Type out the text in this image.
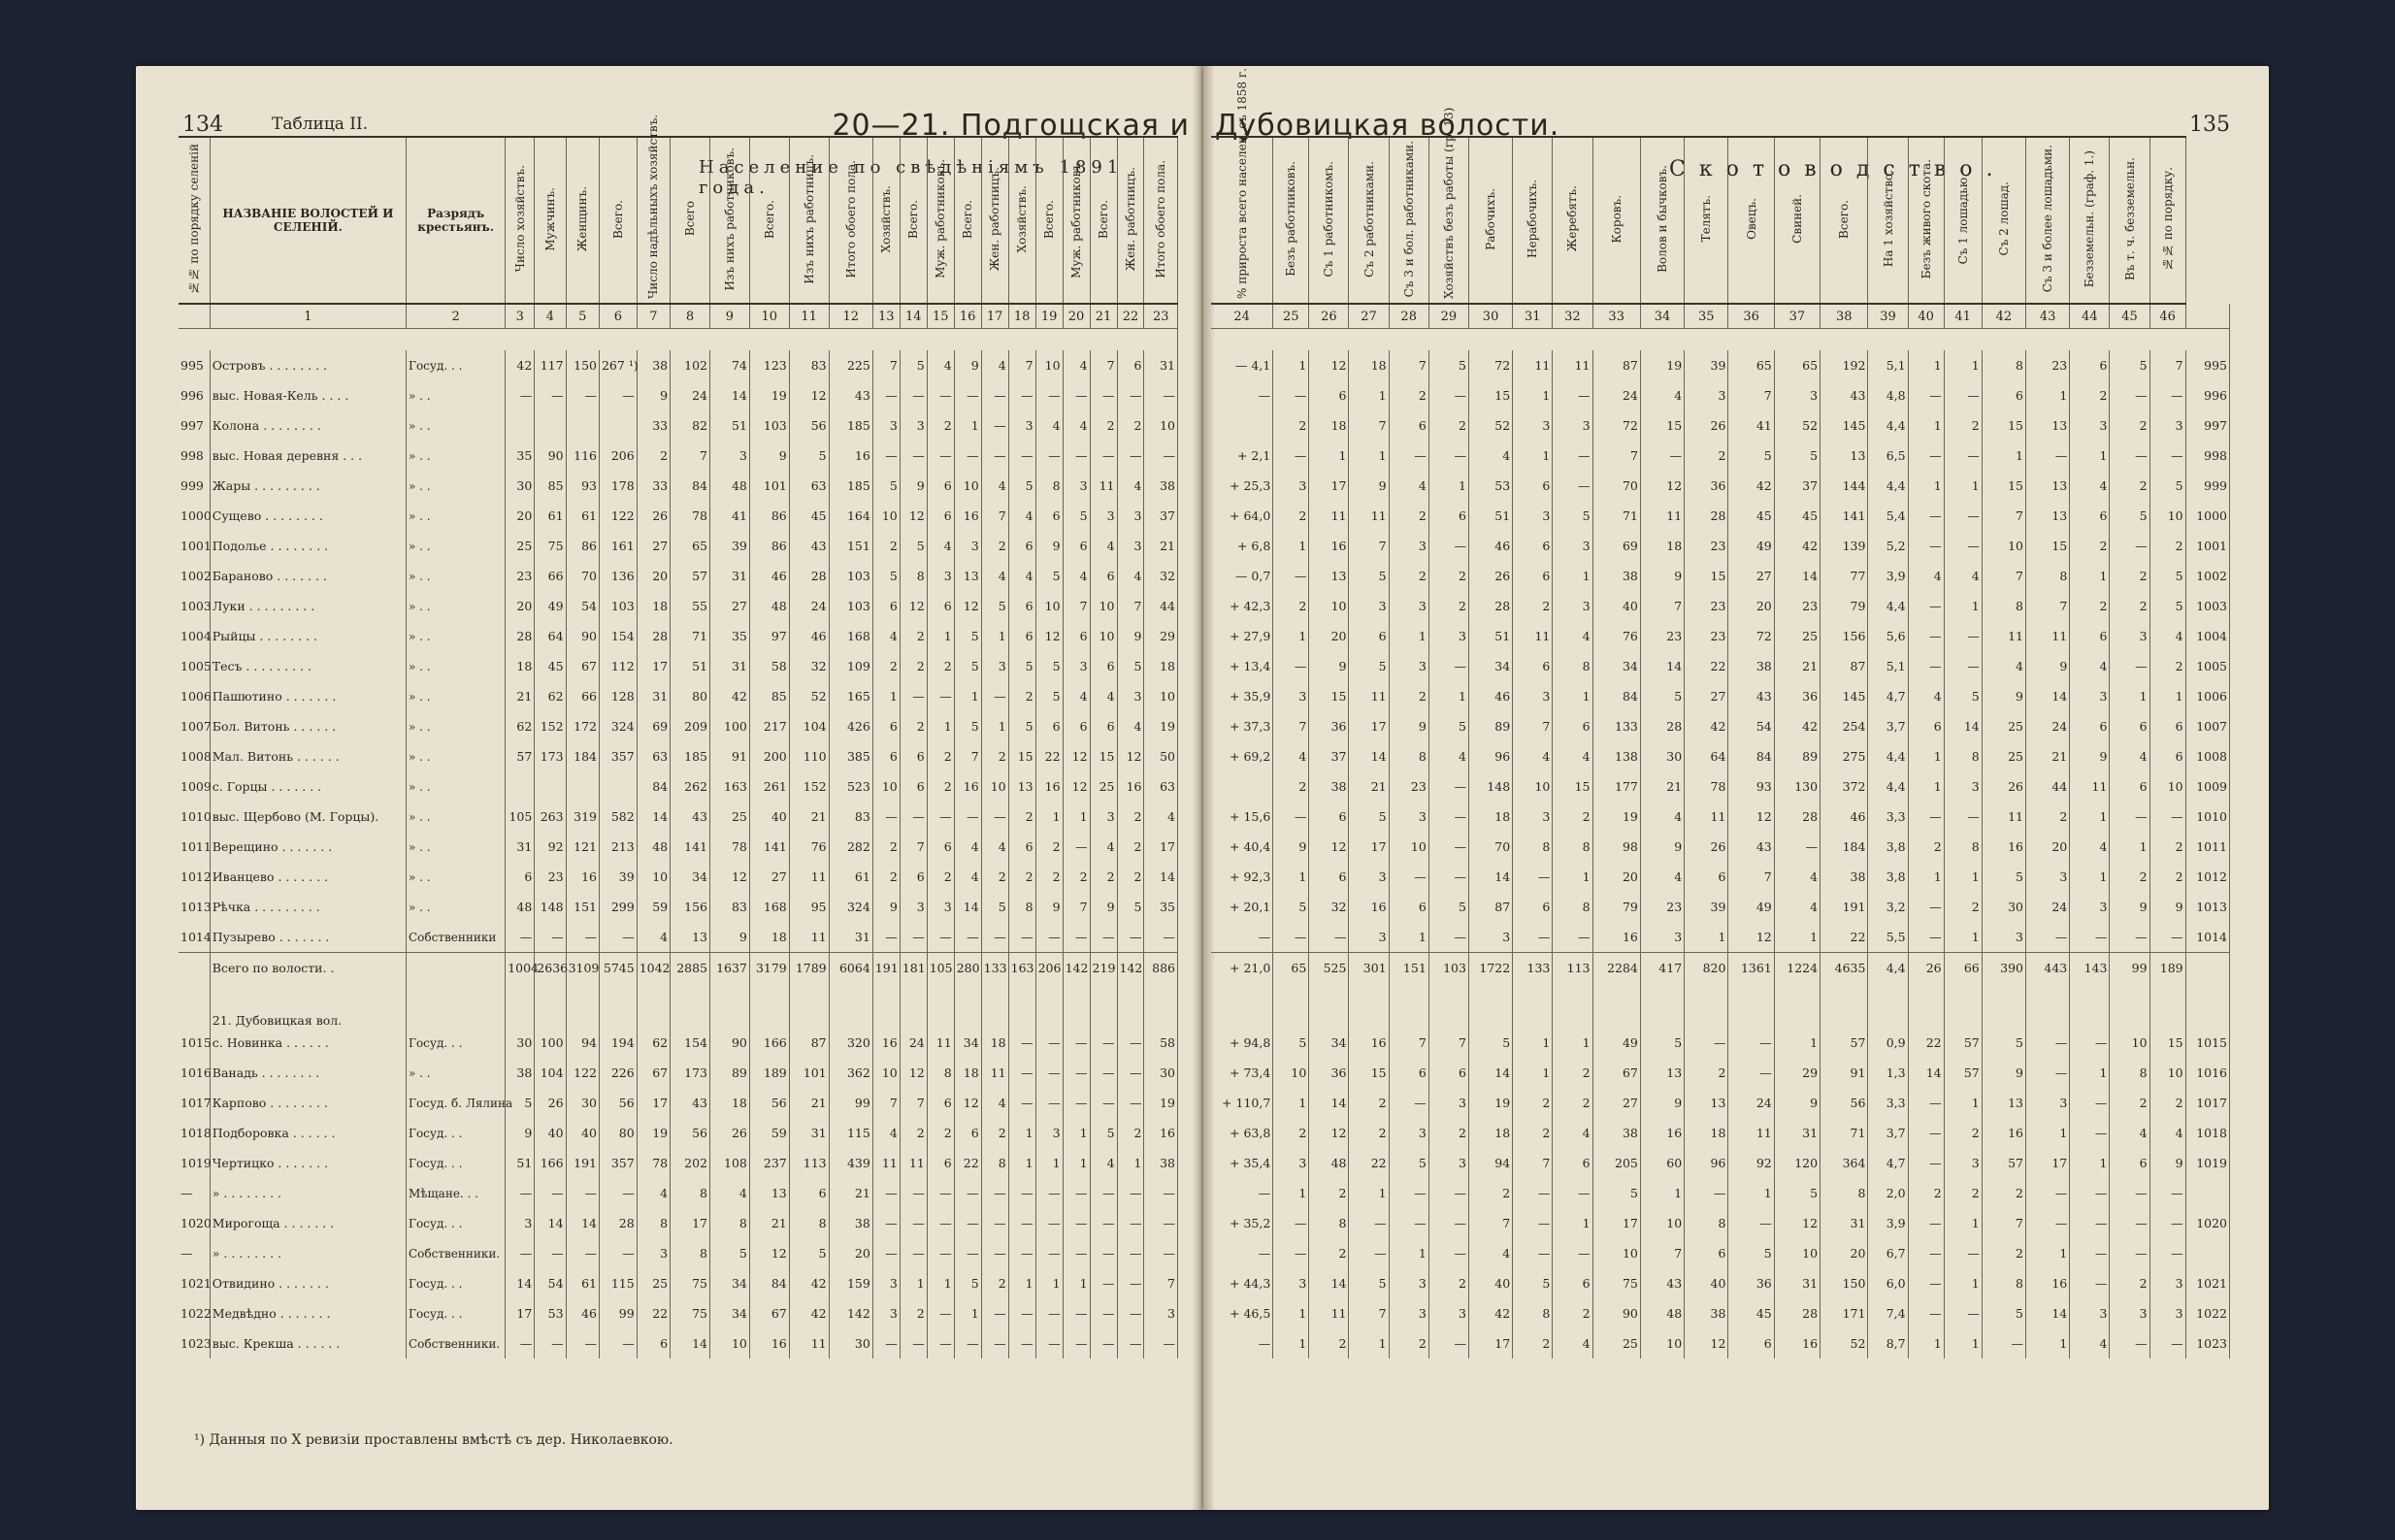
134	Таблица II.	20—21. Подгощская и
Население по свѣдѣніямъ 1891 года.
№№ по порядку селеній	НАЗВАНІЕ ВОЛОСТЕЙ И СЕЛЕНІЙ.	Разрядъ крестьянъ.	Число хозяйствъ.	Мужчинъ.	Женщинъ.	Всего.	Число надѣльныхъ хозяйствъ.	Всего	Изъ нихъ работниковъ.	Всего.	Изъ нихъ работницъ.	Итого обоего пола.	Хозяйствъ.	Всего.	Муж. работниковъ.	Всего.	Жен. работницъ.	Хозяйствъ.	Всего.	Муж. работниковъ.	Всего.	Жен. работницъ.	Итого обоего пола.
	1	2	3	4	5	6	7	8	9	10	11	12	13	14	15	16	17	18	19	20	21	22	23

995	Островъ . . . . . . . .	Госуд. . .	42	117	150	267 ¹)	38	102	74	123	83	225	7	5	4	9	4	7	10	4	7	6	31
996	выс. Новая-Кель . . . .	» . .	—	—	—	—	9	24	14	19	12	43	—	—	—	—	—	—	—	—	—	—	—
997	Колона . . . . . . . .	» . .					33	82	51	103	56	185	3	3	2	1	—	3	4	4	2	2	10
998	выс. Новая деревня . . .	» . .	35	90	116	206	2	7	3	9	5	16	—	—	—	—	—	—	—	—	—	—	—
999	Жары . . . . . . . . .	» . .	30	85	93	178	33	84	48	101	63	185	5	9	6	10	4	5	8	3	11	4	38
1000	Сущево . . . . . . . .	» . .	20	61	61	122	26	78	41	86	45	164	10	12	6	16	7	4	6	5	3	3	37
1001	Подолье . . . . . . . .	» . .	25	75	86	161	27	65	39	86	43	151	2	5	4	3	2	6	9	6	4	3	21
1002	Бараново . . . . . . .	» . .	23	66	70	136	20	57	31	46	28	103	5	8	3	13	4	4	5	4	6	4	32
1003	Луки . . . . . . . . .	» . .	20	49	54	103	18	55	27	48	24	103	6	12	6	12	5	6	10	7	10	7	44
1004	Рыйцы . . . . . . . .	» . .	28	64	90	154	28	71	35	97	46	168	4	2	1	5	1	6	12	6	10	9	29
1005	Тесъ . . . . . . . . .	» . .	18	45	67	112	17	51	31	58	32	109	2	2	2	5	3	5	5	3	6	5	18
1006	Пашютино . . . . . . .	» . .	21	62	66	128	31	80	42	85	52	165	1	—	—	1	—	2	5	4	4	3	10
1007	Бол. Витонь . . . . . .	» . .	62	152	172	324	69	209	100	217	104	426	6	2	1	5	1	5	6	6	6	4	19
1008	Мал. Витонь . . . . . .	» . .	57	173	184	357	63	185	91	200	110	385	6	6	2	7	2	15	22	12	15	12	50
1009	с. Горцы . . . . . . .	» . .					84	262	163	261	152	523	10	6	2	16	10	13	16	12	25	16	63
1010	выс. Щербово (М. Горцы).	» . .	105	263	319	582	14	43	25	40	21	83	—	—	—	—	—	2	1	1	3	2	4
1011	Верещино . . . . . . .	» . .	31	92	121	213	48	141	78	141	76	282	2	7	6	4	4	6	2	—	4	2	17
1012	Иванцево . . . . . . .	» . .	6	23	16	39	10	34	12	27	11	61	2	6	2	4	2	2	2	2	2	2	14
1013	Рѣчка . . . . . . . . .	» . .	48	148	151	299	59	156	83	168	95	324	9	3	3	14	5	8	9	7	9	5	35
1014	Пузырево . . . . . . .	Собственники	—	—	—	—	4	13	9	18	11	31	—	—	—	—	—	—	—	—	—	—	—
	Всего по волости. .		1004	2636	3109	5745	1042	2885	1637	3179	1789	6064	191	181	105	280	133	163	206	142	219	142	886
	21. Дубовицкая вол.																						
1015	с. Новинка . . . . . .	Госуд. . .	30	100	94	194	62	154	90	166	87	320	16	24	11	34	18	—	—	—	—	—	58
1016	Ванадь . . . . . . . .	» . .	38	104	122	226	67	173	89	189	101	362	10	12	8	18	11	—	—	—	—	—	30
1017	Карпово . . . . . . . .	Госуд. б. Лялина	5	26	30	56	17	43	18	56	21	99	7	7	6	12	4	—	—	—	—	—	19
1018	Подборовка . . . . . .	Госуд. . .	9	40	40	80	19	56	26	59	31	115	4	2	2	6	2	1	3	1	5	2	16
1019	Чертицко . . . . . . .	Госуд. . .	51	166	191	357	78	202	108	237	113	439	11	11	6	22	8	1	1	1	4	1	38
—	» . . . . . . . .	Мѣщане. . .	—	—	—	—	4	8	4	13	6	21	—	—	—	—	—	—	—	—	—	—	—
1020	Мирогоща . . . . . . .	Госуд. . .	3	14	14	28	8	17	8	21	8	38	—	—	—	—	—	—	—	—	—	—	—
—	» . . . . . . . .	Собственники.	—	—	—	—	3	8	5	12	5	20	—	—	—	—	—	—	—	—	—	—	—
1021	Отвидино . . . . . . .	Госуд. . .	14	54	61	115	25	75	34	84	42	159	3	1	1	5	2	1	1	1	—	—	7
1022	Медвѣдно . . . . . . .	Госуд. . .	17	53	46	99	22	75	34	67	42	142	3	2	—	1	—	—	—	—	—	—	3
1023	выс. Крекша . . . . . .	Собственники.	—	—	—	—	6	14	10	16	11	30	—	—	—	—	—	—	—	—	—	—	—
¹) Данныя по Х ревизіи проставлены вмѣстѣ съ дер. Николаевкою.
135
Дубовицкая волости.
Скотоводство.
% прироста всего населен. съ 1858 г.	Безъ работниковъ.	Съ 1 работникомъ.	Съ 2 работниками.	Съ 3 и бол. работниками.	Хозяйствъ безъ работы (гр. 13)	Рабочихъ.	Нерабочихъ.	Жеребятъ.	Коровъ.	Волов и бычковъ.	Телятъ.	Овецъ.	Свиней.	Всего.	На 1 хозяйство.	Безъ живого скота.	Съ 1 лошадью.	Съ 2 лошад.	Съ 3 и более лошадьми.	Безземельн. (граф. 1.)	Въ т. ч. безземельн.	№№ по порядку.	
24	25	26	27	28	29	30	31	32	33	34	35	36	37	38	39	40	41	42	43	44	45	46	

— 4,1	1	12	18	7	5	72	11	11	87	19	39	65	65	192	5,1	1	1	8	23	6	5	7	995
—	—	6	1	2	—	15	1	—	24	4	3	7	3	43	4,8	—	—	6	1	2	—	—	996
	2	18	7	6	2	52	3	3	72	15	26	41	52	145	4,4	1	2	15	13	3	2	3	997
+ 2,1	—	1	1	—	—	4	1	—	7	—	2	5	5	13	6,5	—	—	1	—	1	—	—	998
+ 25,3	3	17	9	4	1	53	6	—	70	12	36	42	37	144	4,4	1	1	15	13	4	2	5	999
+ 64,0	2	11	11	2	6	51	3	5	71	11	28	45	45	141	5,4	—	—	7	13	6	5	10	1000
+ 6,8	1	16	7	3	—	46	6	3	69	18	23	49	42	139	5,2	—	—	10	15	2	—	2	1001
— 0,7	—	13	5	2	2	26	6	1	38	9	15	27	14	77	3,9	4	4	7	8	1	2	5	1002
+ 42,3	2	10	3	3	2	28	2	3	40	7	23	20	23	79	4,4	—	1	8	7	2	2	5	1003
+ 27,9	1	20	6	1	3	51	11	4	76	23	23	72	25	156	5,6	—	—	11	11	6	3	4	1004
+ 13,4	—	9	5	3	—	34	6	8	34	14	22	38	21	87	5,1	—	—	4	9	4	—	2	1005
+ 35,9	3	15	11	2	1	46	3	1	84	5	27	43	36	145	4,7	4	5	9	14	3	1	1	1006
+ 37,3	7	36	17	9	5	89	7	6	133	28	42	54	42	254	3,7	6	14	25	24	6	6	6	1007
+ 69,2	4	37	14	8	4	96	4	4	138	30	64	84	89	275	4,4	1	8	25	21	9	4	6	1008
	2	38	21	23	—	148	10	15	177	21	78	93	130	372	4,4	1	3	26	44	11	6	10	1009
+ 15,6	—	6	5	3	—	18	3	2	19	4	11	12	28	46	3,3	—	—	11	2	1	—	—	1010
+ 40,4	9	12	17	10	—	70	8	8	98	9	26	43	—	184	3,8	2	8	16	20	4	1	2	1011
+ 92,3	1	6	3	—	—	14	—	1	20	4	6	7	4	38	3,8	1	1	5	3	1	2	2	1012
+ 20,1	5	32	16	6	5	87	6	8	79	23	39	49	4	191	3,2	—	2	30	24	3	9	9	1013
—	—	—	3	1	—	3	—	—	16	3	1	12	1	22	5,5	—	1	3	—	—	—	—	1014
+ 21,0	65	525	301	151	103	1722	133	113	2284	417	820	1361	1224	4635	4,4	26	66	390	443	143	99	189	

+ 94,8	5	34	16	7	7	5	1	1	49	5	—	—	1	57	0,9	22	57	5	—	—	10	15	1015
+ 73,4	10	36	15	6	6	14	1	2	67	13	2	—	29	91	1,3	14	57	9	—	1	8	10	1016
+ 110,7	1	14	2	—	3	19	2	2	27	9	13	24	9	56	3,3	—	1	13	3	—	2	2	1017
+ 63,8	2	12	2	3	2	18	2	4	38	16	18	11	31	71	3,7	—	2	16	1	—	4	4	1018
+ 35,4	3	48	22	5	3	94	7	6	205	60	96	92	120	364	4,7	—	3	57	17	1	6	9	1019
—	1	2	1	—	—	2	—	—	5	1	—	1	5	8	2,0	2	2	2	—	—	—	—	
+ 35,2	—	8	—	—	—	7	—	1	17	10	8	—	12	31	3,9	—	1	7	—	—	—	—	1020
—	—	2	—	1	—	4	—	—	10	7	6	5	10	20	6,7	—	—	2	1	—	—	—	
+ 44,3	3	14	5	3	2	40	5	6	75	43	40	36	31	150	6,0	—	1	8	16	—	2	3	1021
+ 46,5	1	11	7	3	3	42	8	2	90	48	38	45	28	171	7,4	—	—	5	14	3	3	3	1022
—	1	2	1	2	—	17	2	4	25	10	12	6	16	52	8,7	1	1	—	1	4	—	—	1023
